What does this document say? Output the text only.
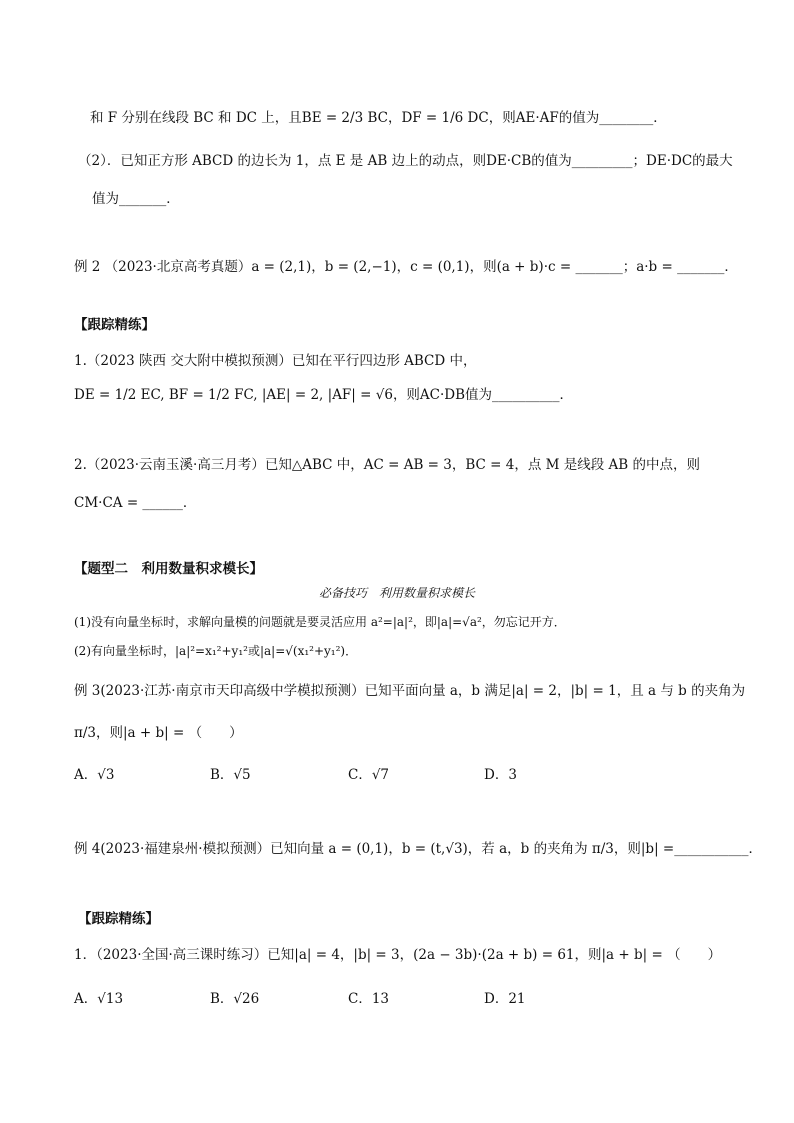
和 F 分别在线段 BC 和 DC 上，且BE = 2/3 BC，DF = 1/6 DC，则AE·AF的值为________．
（2）．已知正方形 ABCD 的边长为 1，点 E 是 AB 边上的动点，则DE·CB的值为_________；DE·DC的最大
值为_______．
例 2 （2023·北京高考真题）a = (2,1)，b = (2,−1)，c = (0,1)，则(a + b)·c = _______；a·b = _______．
【跟踪精练】
1.（2023 陕西 交大附中模拟预测）已知在平行四边形 ABCD 中，
DE = 1/2 EC, BF = 1/2 FC, |AE| = 2, |AF| = √6，则AC·DB值为__________．
2.（2023·云南玉溪·高三月考）已知△ABC 中，AC = AB = 3，BC = 4，点 M 是线段 AB 的中点，则
CM·CA = ______．
【题型二　利用数量积求模长】
必备技巧　利用数量积求模长
(1)没有向量坐标时，求解向量模的问题就是要灵活应用 a²=|a|²，即|a|=√a²，勿忘记开方．
(2)有向量坐标时，|a|²=x₁²+y₁²或|a|=√(x₁²+y₁²)．
例 3(2023·江苏·南京市天印高级中学模拟预测）已知平面向量 a，b 满足|a| = 2，|b| = 1，且 a 与 b 的夹角为
π/3，则|a + b| = （　　）
A．√3	B．√5	C．√7	D．3
例 4(2023·福建泉州·模拟预测）已知向量 a = (0,1)，b = (t,√3)，若 a，b 的夹角为 π/3，则|b| =___________．
【跟踪精练】
1．（2023·全国·高三课时练习）已知|a| = 4，|b| = 3，(2a − 3b)·(2a + b) = 61，则|a + b| = （　　）
A．√13	B．√26	C．13	D．21
